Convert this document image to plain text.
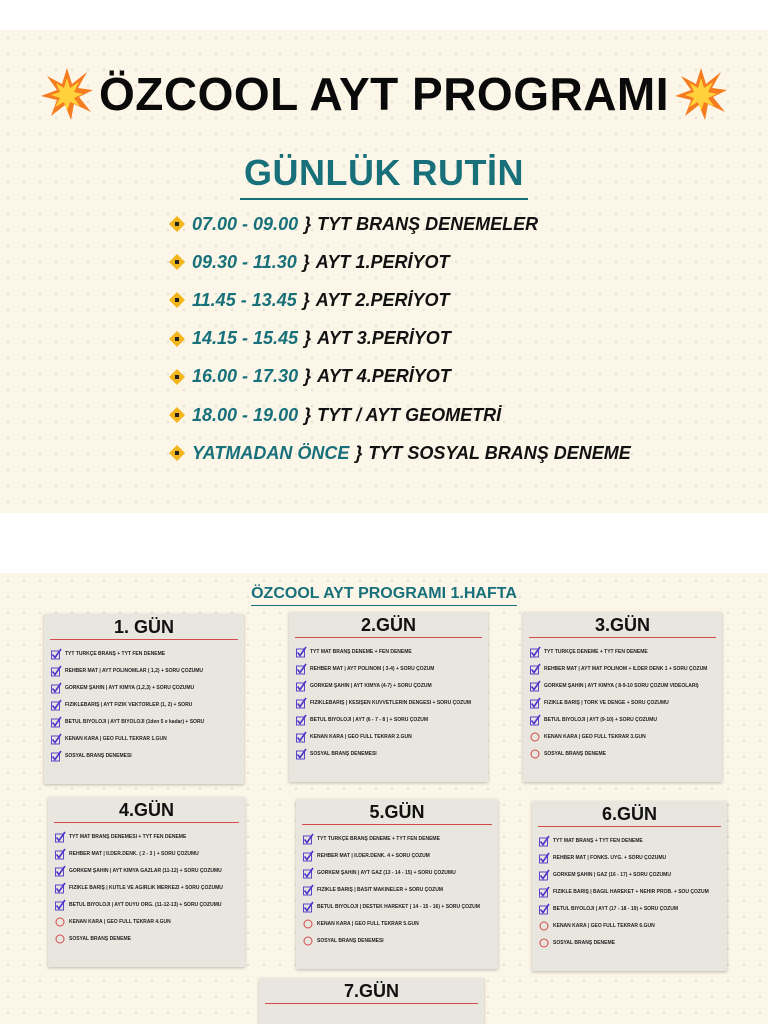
ÖZCOOL AYT PROGRAMI
GÜNLÜK RUTİN
07.00 - 09.00 } TYT BRANŞ DENEMELER
09.30 - 11.30 } AYT 1.PERİYOT
11.45 - 13.45 } AYT 2.PERİYOT
14.15 - 15.45 } AYT 3.PERİYOT
16.00 - 17.30 } AYT 4.PERİYOT
18.00 - 19.00 } TYT / AYT GEOMETRİ
YATMADAN ÖNCE } TYT SOSYAL BRANŞ DENEME
ÖZCOOL AYT PROGRAMI 1.HAFTA
1. GÜN
TYT TÜRKÇE BRANŞ + TYT FEN DENEME
REHBER MAT | AYT POLİNOMLAR ( 1,2) + SORU ÇÖZÜMÜ
GÖRKEM ŞAHİN | AYT KİMYA (1,2,3) + SORU ÇÖZÜMÜ
FİZİKLEBARIŞ | AYT FİZİK VEKTÖRLER (1, 2) + SORU
BETÜL BİYOLOJİ | AYT BİYOLOJİ (1den 5 e kadar) + SORU
KENAN KARA | GEO FULL TEKRAR 1.GÜN
SOSYAL BRANŞ DENEMESİ
2.GÜN
TYT MAT BRANŞ DENEME + FEN DENEME
REHBER MAT | AYT POLİNOM ( 3-4) + SORU ÇÖZÜM
GÖRKEM ŞAHİN | AYT KİMYA (4-7) + SORU ÇÖZÜM
FİZİKLEBARIŞ | KESİŞEN KUVVETLERİN DENGESİ + SORU ÇÖZÜM
BETÜL BİYOLOJİ | AYT (6 - 7 - 8 ) + SORU ÇÖZÜM
KENAN KARA | GEO FULL TEKRAR 2.GÜN
SOSYAL BRANŞ DENEMESİ
3.GÜN
TYT TÜRKÇE DENEME + TYT FEN DENEME
REHBER MAT | AYT MAT POLİNOM + İLDER DENK 1 + SORU ÇÖZÜM
GÖRKEM ŞAHİN | AYT KİMYA ( 8-9-10 SORU ÇÖZÜM VİDEOLARI)
FİZİKLE BARIŞ | TORK VE DENGE + SORU ÇÖZÜMÜ
BETÜL BİYOLOJİ | AYT (9-10) + SORU ÇÖZÜMÜ
KENAN KARA | GEO FULL TEKRAR 3.GÜN
SOSYAL BRANŞ DENEME
4.GÜN
TYT MAT BRANŞ DENEMESİ + TYT FEN DENEME
REHBER MAT | II.DER.DENK. ( 2 - 3 ) + SORU ÇÖZÜMÜ
GÖRKEM ŞAHİN | AYT KİMYA GAZLAR (11-12) + SORU ÇÖZÜMÜ
FİZİKLE BARIŞ | KÜTLE VE AĞIRLIK MERKEZİ + SORU ÇÖZÜMÜ
BETÜL BİYOLOJİ | AYT DUYU ORG. (11-12-13) + SORU ÇÖZÜMÜ
KENAN KARA | GEO FULL TEKRAR 4.GÜN
SOSYAL BRANŞ DENEME
5.GÜN
TYT TÜRKÇE BRANŞ DENEME + TYT FEN DENEME
REHBER MAT | II.DER.DENK. 4 + SORU ÇÖZÜM
GÖRKEM ŞAHİN | AYT GAZ (13 - 14 - 15) + SORU ÇÖZÜMÜ
FİZİKLE BARIŞ | BASİT MAKİNELER + SORU ÇÖZÜM
BETÜL BİYOLOJİ | DESTEK HAREKET ( 14 - 15 - 16) + SORU ÇÖZÜM
KENAN KARA | GEO FULL TEKRAR 5.GÜN
SOSYAL BRANŞ DENEMESİ
6.GÜN
TYT MAT BRANŞ + TYT FEN DENEME
REHBER MAT | FONKS. UYG. + SORU ÇÖZÜMÜ
GÖRKEM ŞAHİN | GAZ (16 - 17) + SORU ÇÖZÜMÜ
FİZİKLE BARIŞ | BAĞIL HAREKET + NEHİR PROB. + SOU ÇÖZÜM
BETÜL BİYOLOJİ | AYT (17 - 18 - 19) + SORU ÇÖZÜM
KENAN KARA | GEO FULL TEKRAR 6.GÜN
SOSYAL BRANŞ DENEME
7.GÜN
